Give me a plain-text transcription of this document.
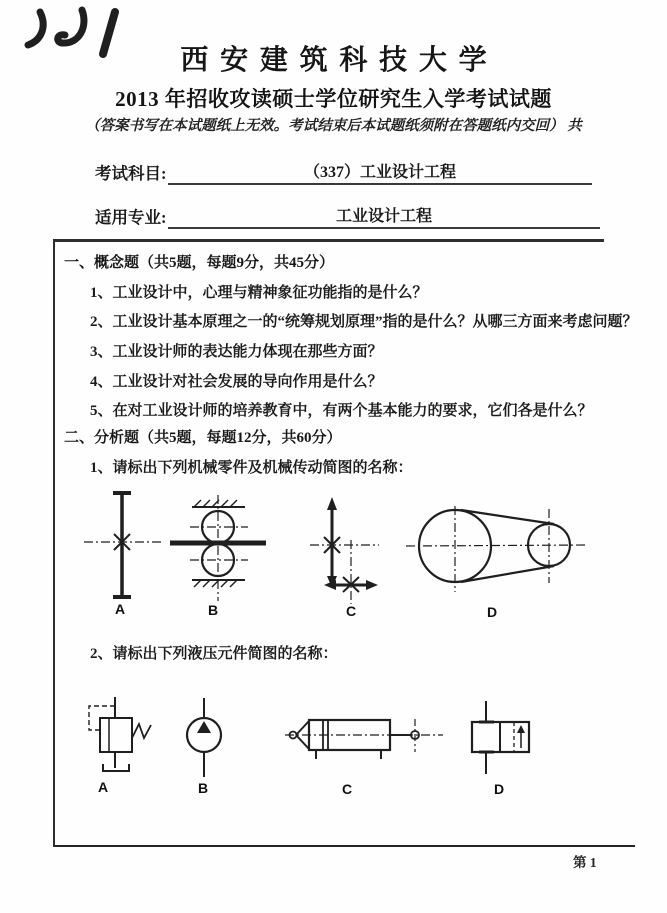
西安建筑科技大学
2013 年招收攻读硕士学位研究生入学考试试题
（答案书写在本试题纸上无效。考试结束后本试题纸须附在答题纸内交回） 共
考试科目:	（337）工业设计工程
适用专业:	工业设计工程
一、概念题（共5题，每题9分，共45分）
1、工业设计中，心理与精神象征功能指的是什么？
2、工业设计基本原理之一的“统筹规划原理”指的是什么？从哪三方面来考虑问题？
3、工业设计师的表达能力体现在那些方面？
4、工业设计对社会发展的导向作用是什么？
5、在对工业设计师的培养教育中，有两个基本能力的要求，它们各是什么？
二、分析题（共5题，每题12分，共60分）
1、请标出下列机械零件及机械传动简图的名称：
A	B	C	D
2、请标出下列液压元件简图的名称：
A	B	C	D
第 1
